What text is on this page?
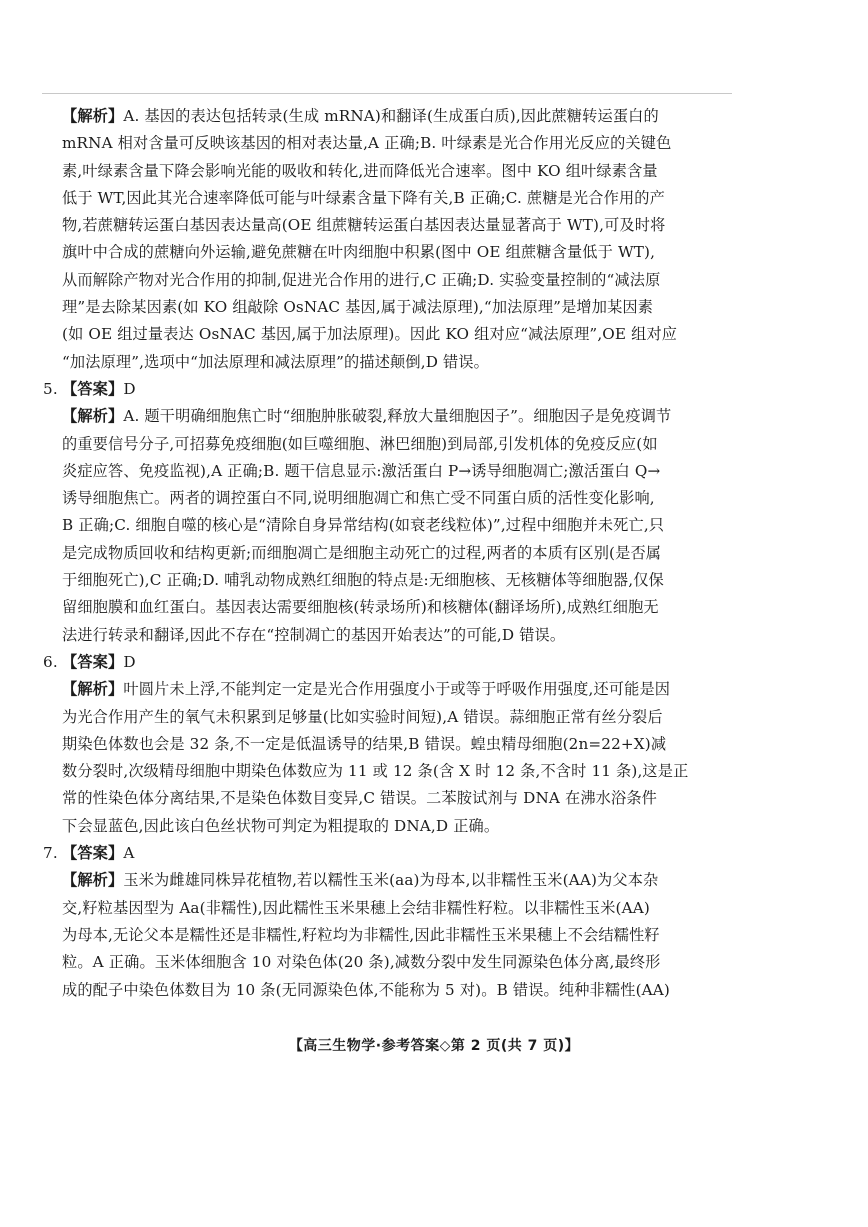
【解析】A. 基因的表达包括转录(生成 mRNA)和翻译(生成蛋白质),因此蔗糖转运蛋白的
mRNA 相对含量可反映该基因的相对表达量,A 正确;B. 叶绿素是光合作用光反应的关键色
素,叶绿素含量下降会影响光能的吸收和转化,进而降低光合速率。图中 KO 组叶绿素含量
低于 WT,因此其光合速率降低可能与叶绿素含量下降有关,B 正确;C. 蔗糖是光合作用的产
物,若蔗糖转运蛋白基因表达量高(OE 组蔗糖转运蛋白基因表达量显著高于 WT),可及时将
旗叶中合成的蔗糖向外运输,避免蔗糖在叶肉细胞中积累(图中 OE 组蔗糖含量低于 WT),
从而解除产物对光合作用的抑制,促进光合作用的进行,C 正确;D. 实验变量控制的“减法原
理”是去除某因素(如 KO 组敲除 OsNAC 基因,属于减法原理),“加法原理”是增加某因素
(如 OE 组过量表达 OsNAC 基因,属于加法原理)。因此 KO 组对应“减法原理”,OE 组对应
“加法原理”,选项中“加法原理和减法原理”的描述颠倒,D 错误。
5. 【答案】D
【解析】A. 题干明确细胞焦亡时“细胞肿胀破裂,释放大量细胞因子”。细胞因子是免疫调节
的重要信号分子,可招募免疫细胞(如巨噬细胞、淋巴细胞)到局部,引发机体的免疫反应(如
炎症应答、免疫监视),A 正确;B. 题干信息显示:激活蛋白 P→诱导细胞凋亡;激活蛋白 Q→
诱导细胞焦亡。两者的调控蛋白不同,说明细胞凋亡和焦亡受不同蛋白质的活性变化影响,
B 正确;C. 细胞自噬的核心是“清除自身异常结构(如衰老线粒体)”,过程中细胞并未死亡,只
是完成物质回收和结构更新;而细胞凋亡是细胞主动死亡的过程,两者的本质有区别(是否属
于细胞死亡),C 正确;D. 哺乳动物成熟红细胞的特点是:无细胞核、无核糖体等细胞器,仅保
留细胞膜和血红蛋白。基因表达需要细胞核(转录场所)和核糖体(翻译场所),成熟红细胞无
法进行转录和翻译,因此不存在“控制凋亡的基因开始表达”的可能,D 错误。
6. 【答案】D
【解析】叶圆片未上浮,不能判定一定是光合作用强度小于或等于呼吸作用强度,还可能是因
为光合作用产生的氧气未积累到足够量(比如实验时间短),A 错误。蒜细胞正常有丝分裂后
期染色体数也会是 32 条,不一定是低温诱导的结果,B 错误。蝗虫精母细胞(2n=22+X)减
数分裂时,次级精母细胞中期染色体数应为 11 或 12 条(含 X 时 12 条,不含时 11 条),这是正
常的性染色体分离结果,不是染色体数目变异,C 错误。二苯胺试剂与 DNA 在沸水浴条件
下会显蓝色,因此该白色丝状物可判定为粗提取的 DNA,D 正确。
7. 【答案】A
【解析】玉米为雌雄同株异花植物,若以糯性玉米(aa)为母本,以非糯性玉米(AA)为父本杂
交,籽粒基因型为 Aa(非糯性),因此糯性玉米果穗上会结非糯性籽粒。以非糯性玉米(AA)
为母本,无论父本是糯性还是非糯性,籽粒均为非糯性,因此非糯性玉米果穗上不会结糯性籽
粒。A 正确。玉米体细胞含 10 对染色体(20 条),减数分裂中发生同源染色体分离,最终形
成的配子中染色体数目为 10 条(无同源染色体,不能称为 5 对)。B 错误。纯种非糯性(AA)
【高三生物学·参考答案◇第 2 页(共 7 页)】
